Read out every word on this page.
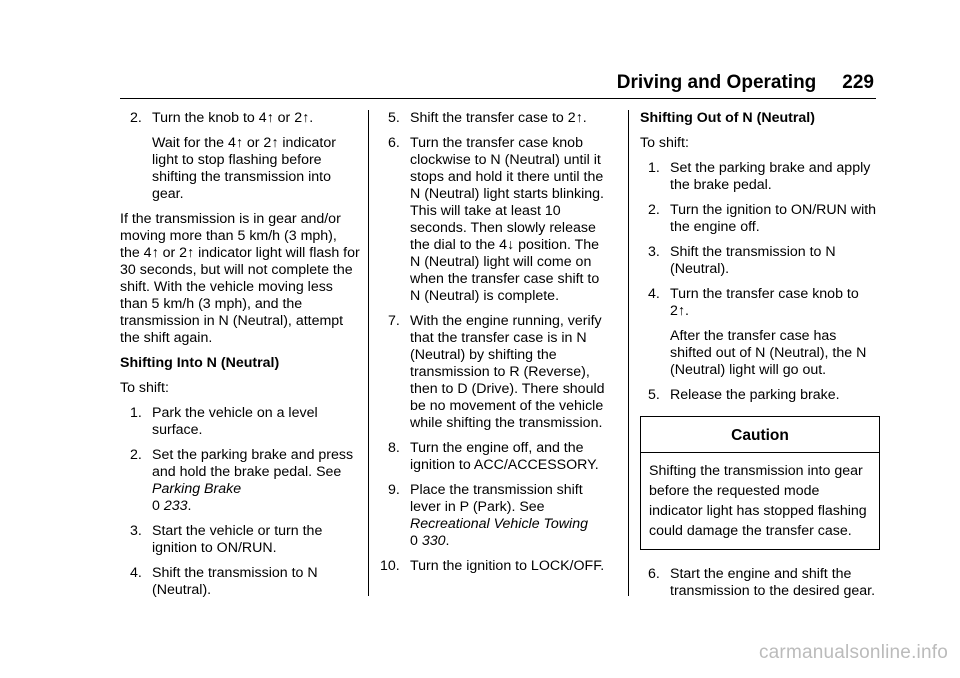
Driving and Operating 229
2. Turn the knob to 4↑ or 2↑.
Wait for the 4↑ or 2↑ indicator light to stop flashing before shifting the transmission into gear.

If the transmission is in gear and/or moving more than 5 km/h (3 mph), the 4↑ or 2↑ indicator light will flash for 30 seconds, but will not complete the shift. With the vehicle moving less than 5 km/h (3 mph), and the transmission in N (Neutral), attempt the shift again.

Shifting Into N (Neutral)

To shift:

1. Park the vehicle on a level surface.
2. Set the parking brake and press and hold the brake pedal. See Parking Brake
0 233.
3. Start the vehicle or turn the ignition to ON/RUN.
4. Shift the transmission to N (Neutral).
5. Shift the transfer case to 2↑.
6. Turn the transfer case knob clockwise to N (Neutral) until it stops and hold it there until the N (Neutral) light starts blinking. This will take at least 10 seconds. Then slowly release the dial to the 4↓ position. The N (Neutral) light will come on when the transfer case shift to N (Neutral) is complete.
7. With the engine running, verify that the transfer case is in N (Neutral) by shifting the transmission to R (Reverse), then to D (Drive). There should be no movement of the vehicle while shifting the transmission.
8. Turn the engine off, and the ignition to ACC/ACCESSORY.
9. Place the transmission shift lever in P (Park). See Recreational Vehicle Towing
0 330.
10. Turn the ignition to LOCK/OFF.
Shifting Out of N (Neutral)

To shift:

1. Set the parking brake and apply the brake pedal.
2. Turn the ignition to ON/RUN with the engine off.
3. Shift the transmission to N (Neutral).
4. Turn the transfer case knob to 2↑.
After the transfer case has shifted out of N (Neutral), the N (Neutral) light will go out.
5. Release the parking brake.
Caution
Shifting the transmission into gear before the requested mode indicator light has stopped flashing could damage the transfer case.
6. Start the engine and shift the transmission to the desired gear.
carmanualsonline.info
